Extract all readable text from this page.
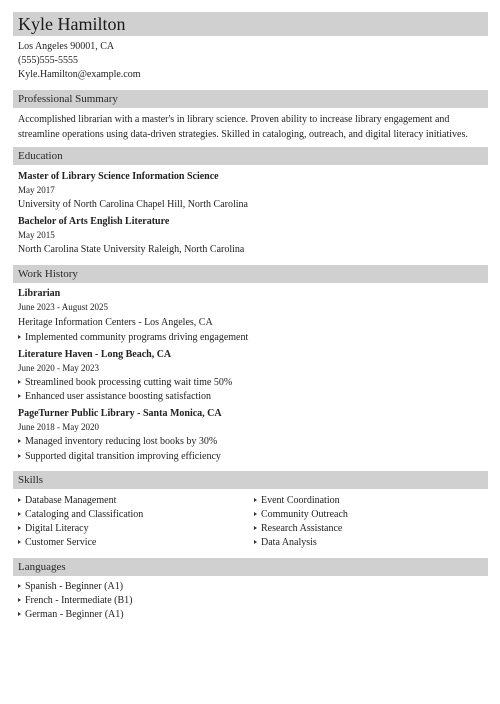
Kyle Hamilton
Los Angeles 90001, CA
(555)555-5555
Kyle.Hamilton@example.com
Professional Summary
Accomplished librarian with a master's in library science. Proven ability to increase library engagement and streamline operations using data-driven strategies. Skilled in cataloging, outreach, and digital literacy initiatives.
Education
Master of Library Science Information Science
May 2017
University of North Carolina Chapel Hill, North Carolina
Bachelor of Arts English Literature
May 2015
North Carolina State University Raleigh, North Carolina
Work History
Librarian
June 2023 - August 2025
Heritage Information Centers - Los Angeles, CA
Implemented community programs driving engagement
Literature Haven - Long Beach, CA
June 2020 - May 2023
Streamlined book processing cutting wait time 50%
Enhanced user assistance boosting satisfaction
PageTurner Public Library - Santa Monica, CA
June 2018 - May 2020
Managed inventory reducing lost books by 30%
Supported digital transition improving efficiency
Skills
Database Management
Cataloging and Classification
Digital Literacy
Customer Service
Event Coordination
Community Outreach
Research Assistance
Data Analysis
Languages
Spanish - Beginner (A1)
French - Intermediate (B1)
German - Beginner (A1)
